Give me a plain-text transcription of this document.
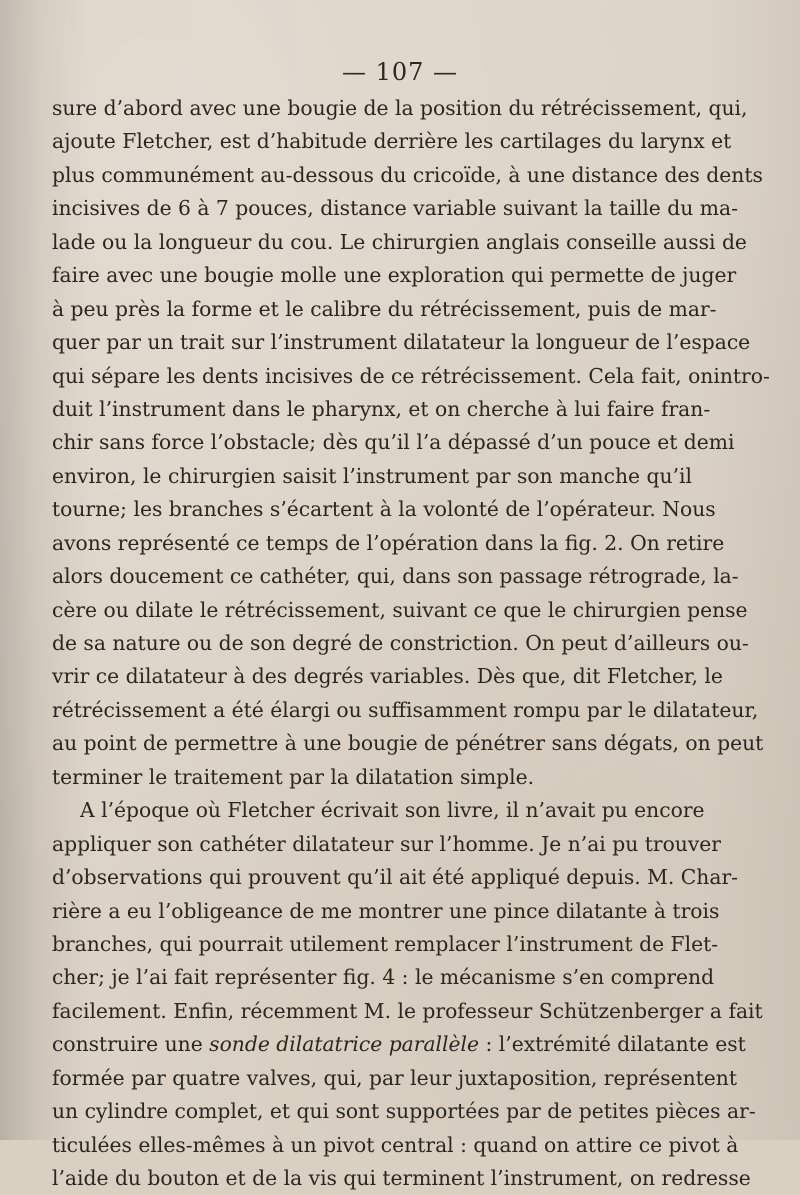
— 107 —
sure d’abord avec une bougie de la position du rétrécissement, qui,
ajoute Fletcher, est d’habitude derrière les cartilages du larynx et
plus communément au-dessous du cricoïde, à une distance des dents
incisives de 6 à 7 pouces, distance variable suivant la taille du ma-
lade ou la longueur du cou. Le chirurgien anglais conseille aussi de
faire avec une bougie molle une exploration qui permette de juger
à peu près la forme et le calibre du rétrécissement, puis de mar-
quer par un trait sur l’instrument dilatateur la longueur de l’espace
qui sépare les dents incisives de ce rétrécissement. Cela fait, onintro-
duit l’instrument dans le pharynx, et on cherche à lui faire fran-
chir sans force l’obstacle; dès qu’il l’a dépassé d’un pouce et demi
environ, le chirurgien saisit l’instrument par son manche qu’il
tourne; les branches s’écartent à la volonté de l’opérateur. Nous
avons représenté ce temps de l’opération dans la fig. 2. On retire
alors doucement ce cathéter, qui, dans son passage rétrograde, la-
cère ou dilate le rétrécissement, suivant ce que le chirurgien pense
de sa nature ou de son degré de constriction. On peut d’ailleurs ou-
vrir ce dilatateur à des degrés variables. Dès que, dit Fletcher, le
rétrécissement a été élargi ou suffisamment rompu par le dilatateur,
au point de permettre à une bougie de pénétrer sans dégats, on peut
terminer le traitement par la dilatation simple.
A l’époque où Fletcher écrivait son livre, il n’avait pu encore
appliquer son cathéter dilatateur sur l’homme. Je n’ai pu trouver
d’observations qui prouvent qu’il ait été appliqué depuis. M. Char-
rière a eu l’obligeance de me montrer une pince dilatante à trois
branches, qui pourrait utilement remplacer l’instrument de Flet-
cher; je l’ai fait représenter fig. 4 : le mécanisme s’en comprend
facilement. Enfin, récemment M. le professeur Schützenberger a fait
construire une sonde dilatatrice parallèle : l’extrémité dilatante est
formée par quatre valves, qui, par leur juxtaposition, représentent
un cylindre complet, et qui sont supportées par de petites pièces ar-
ticulées elles-mêmes à un pivot central : quand on attire ce pivot à
l’aide du bouton et de la vis qui terminent l’instrument, on redresse
